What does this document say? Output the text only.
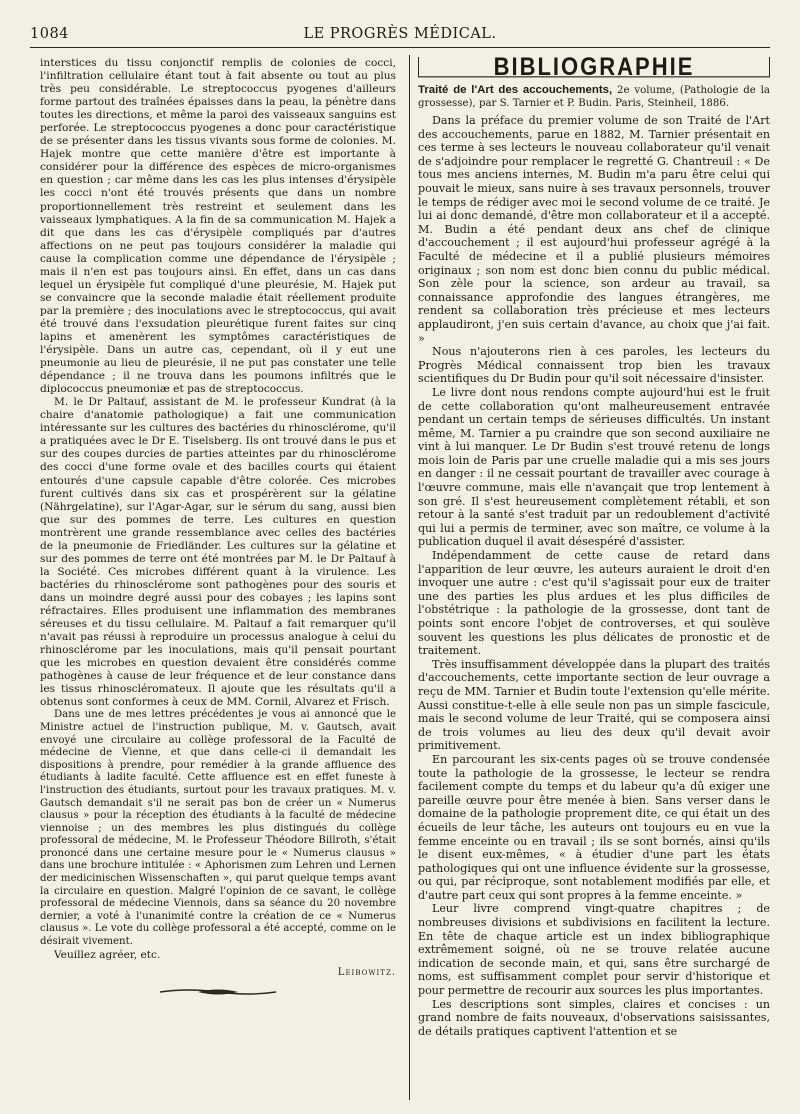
1084	LE PROGRÈS MÉDICAL.

interstices du tissu conjonctif remplis de colonies de cocci, l'infiltration cellulaire étant tout à fait absente ou tout au plus très peu considérable. Le streptococcus pyogenes d'ailleurs forme partout des traînées épaisses dans la peau, la pénètre dans toutes les directions, et même la paroi des vaisseaux sanguins est perforée. Le streptococcus pyogenes a donc pour caractéristique de se présenter dans les tissus vivants sous forme de colonies. M. Hajek montre que cette manière d'être est importante à considérer pour la différence des espèces de micro-organismes en question ; car même dans les cas les plus intenses d'érysipèle les cocci n'ont été trouvés présents que dans un nombre proportionnellement très restreint et seulement dans les vaisseaux lymphatiques. A la fin de sa communication M. Hajek a dit que dans les cas d'érysipèle compliqués par d'autres affections on ne peut pas toujours considérer la maladie qui cause la complication comme une dépendance de l'érysipèle ; mais il n'en est pas toujours ainsi. En effet, dans un cas dans lequel un érysipèle fut compliqué d'une pleurésie, M. Hajek put se convaincre que la seconde maladie était réellement produite par la première ; des inoculations avec le streptococcus, qui avait été trouvé dans l'exsudation pleurétique furent faites sur cinq lapins et amenèrent les symptômes caractéristiques de l'érysipèle. Dans un autre cas, cependant, où il y eut une pneumonie au lieu de pleurésie, il ne put pas constater une telle dépendance ; il ne trouva dans les poumons infiltrés que le diplococcus pneumoniæ et pas de streptococcus.

M. le Dr Paltauf, assistant de M. le professeur Kundrat (à la chaire d'anatomie pathologique) a fait une communication intéressante sur les cultures des bactéries du rhinosclérome, qu'il a pratiquées avec le Dr E. Tiselsberg. Ils ont trouvé dans le pus et sur des coupes durcies de parties atteintes par du rhinosclérome des cocci d'une forme ovale et des bacilles courts qui étaient entourés d'une capsule capable d'être colorée. Ces microbes furent cultivés dans six cas et prospérèrent sur la gélatine (Nährgelatine), sur l'Agar-Agar, sur le sérum du sang, aussi bien que sur des pommes de terre. Les cultures en question montrèrent une grande ressemblance avec celles des bactéries de la pneumonie de Friedländer. Les cultures sur la gélatine et sur des pommes de terre ont été montrées par M. le Dr Paltauf à la Société. Ces microbes différent quant à la virulence. Les bactéries du rhinosclérome sont pathogènes pour des souris et dans un moindre degré aussi pour des cobayes ; les lapins sont réfractaires. Elles produisent une inflammation des membranes séreuses et du tissu cellulaire. M. Paltauf a fait remarquer qu'il n'avait pas réussi à reproduire un processus analogue à celui du rhinosclérome par les inoculations, mais qu'il pensait pourtant que les microbes en question devaient être considérés comme pathogènes à cause de leur fréquence et de leur constance dans les tissus rhinoscléromateux. Il ajoute que les résultats qu'il a obtenus sont conformes à ceux de MM. Cornil, Alvarez et Frisch.

Dans une de mes lettres précédentes je vous ai annoncé que le Ministre actuel de l'instruction publique, M. v. Gautsch, avait envoyé une circulaire au collège professoral de la Faculté de médecine de Vienne, et que dans celle-ci il demandait les dispositions à prendre, pour remédier à la grande affluence des étudiants à ladite faculté. Cette affluence est en effet funeste à l'instruction des étudiants, surtout pour les travaux pratiques. M. v. Gautsch demandait s'il ne serait pas bon de créer un « Numerus clausus » pour la réception des étudiants à la faculté de médecine viennoise ; un des membres les plus distingués du collège professoral de médecine, M. le Professeur Théodore Billroth, s'était prononcé dans une certaine mesure pour le « Numerus clausus » dans une brochure intitulée : « Aphorismen zum Lehren und Lernen der medicinischen Wissenschaften », qui parut quelque temps avant la circulaire en question. Malgré l'opinion de ce savant, le collège professoral de médecine Viennois, dans sa séance du 20 novembre dernier, a voté à l'unanimité contre la création de ce « Numerus clausus ». Le vote du collège professoral a été accepté, comme on le désirait vivement.

Veuillez agréer, etc.

Leibowitz.
BIBLIOGRAPHIE

Traité de l'Art des accouchements, 2e volume, (Pathologie de la grossesse), par S. Tarnier et P. Budin. Paris, Steinheil, 1886.

Dans la préface du premier volume de son Traité de l'Art des accouchements, parue en 1882, M. Tarnier présentait en ces terme à ses lecteurs le nouveau collaborateur qu'il venait de s'adjoindre pour remplacer le regretté G. Chantreuil : « De tous mes anciens internes, M. Budin m'a paru être celui qui pouvait le mieux, sans nuire à ses travaux personnels, trouver le temps de rédiger avec moi le second volume de ce traité. Je lui ai donc demandé, d'être mon collaborateur et il a accepté. M. Budin a été pendant deux ans chef de clinique d'accouchement ; il est aujourd'hui professeur agrégé à la Faculté de médecine et il a publié plusieurs mémoires originaux ; son nom est donc bien connu du public médical. Son zèle pour la science, son ardeur au travail, sa connaissance approfondie des langues étrangères, me rendent sa collaboration très précieuse et mes lecteurs applaudiront, j'en suis certain d'avance, au choix que j'ai fait. »

Nous n'ajouterons rien à ces paroles, les lecteurs du Progrès Médical connaissent trop bien les travaux scientifiques du Dr Budin pour qu'il soit nécessaire d'insister.

Le livre dont nous rendons compte aujourd'hui est le fruit de cette collaboration qu'ont malheureusement entravée pendant un certain temps de sérieuses difficultés. Un instant même, M. Tarnier a pu craindre que son second auxiliaire ne vint à lui manquer. Le Dr Budin s'est trouvé retenu de longs mois loin de Paris par une cruelle maladie qui a mis ses jours en danger : il ne cessait pourtant de travailler avec courage à l'œuvre commune, mais elle n'avançait que trop lentement à son gré. Il s'est heureusement complètement rétabli, et son retour à la santé s'est traduit par un redoublement d'activité qui lui a permis de terminer, avec son maître, ce volume à la publication duquel il avait désespéré d'assister.

Indépendamment de cette cause de retard dans l'apparition de leur œuvre, les auteurs auraient le droit d'en invoquer une autre : c'est qu'il s'agissait pour eux de traiter une des parties les plus ardues et les plus difficiles de l'obstétrique : la pathologie de la grossesse, dont tant de points sont encore l'objet de controverses, et qui soulève souvent les questions les plus délicates de pronostic et de traitement.

Très insuffisamment développée dans la plupart des traités d'accouchements, cette importante section de leur ouvrage a reçu de MM. Tarnier et Budin toute l'extension qu'elle mérite. Aussi constitue-t-elle à elle seule non pas un simple fascicule, mais le second volume de leur Traité, qui se composera ainsi de trois volumes au lieu des deux qu'il devait avoir primitivement.

En parcourant les six-cents pages où se trouve condensée toute la pathologie de la grossesse, le lecteur se rendra facilement compte du temps et du labeur qu'a dû exiger une pareille œuvre pour être menée à bien. Sans verser dans le domaine de la pathologie proprement dite, ce qui était un des écueils de leur tâche, les auteurs ont toujours eu en vue la femme enceinte ou en travail ; ils se sont bornés, ainsi qu'ils le disent eux-mêmes, « à étudier d'une part les états pathologiques qui ont une influence évidente sur la grossesse, ou qui, par réciproque, sont notablement modifiés par elle, et d'autre part ceux qui sont propres à la femme enceinte. »

Leur livre comprend vingt-quatre chapitres ; de nombreuses divisions et subdivisions en facilitent la lecture. En tête de chaque article est un index bibliographique extrêmement soigné, où ne se trouve relatée aucune indication de seconde main, et qui, sans être surchargé de noms, est suffisamment complet pour servir d'historique et pour permettre de recourir aux sources les plus importantes.

Les descriptions sont simples, claires et concises : un grand nombre de faits nouveaux, d'observations saisissantes, de détails pratiques captivent l'attention et se
